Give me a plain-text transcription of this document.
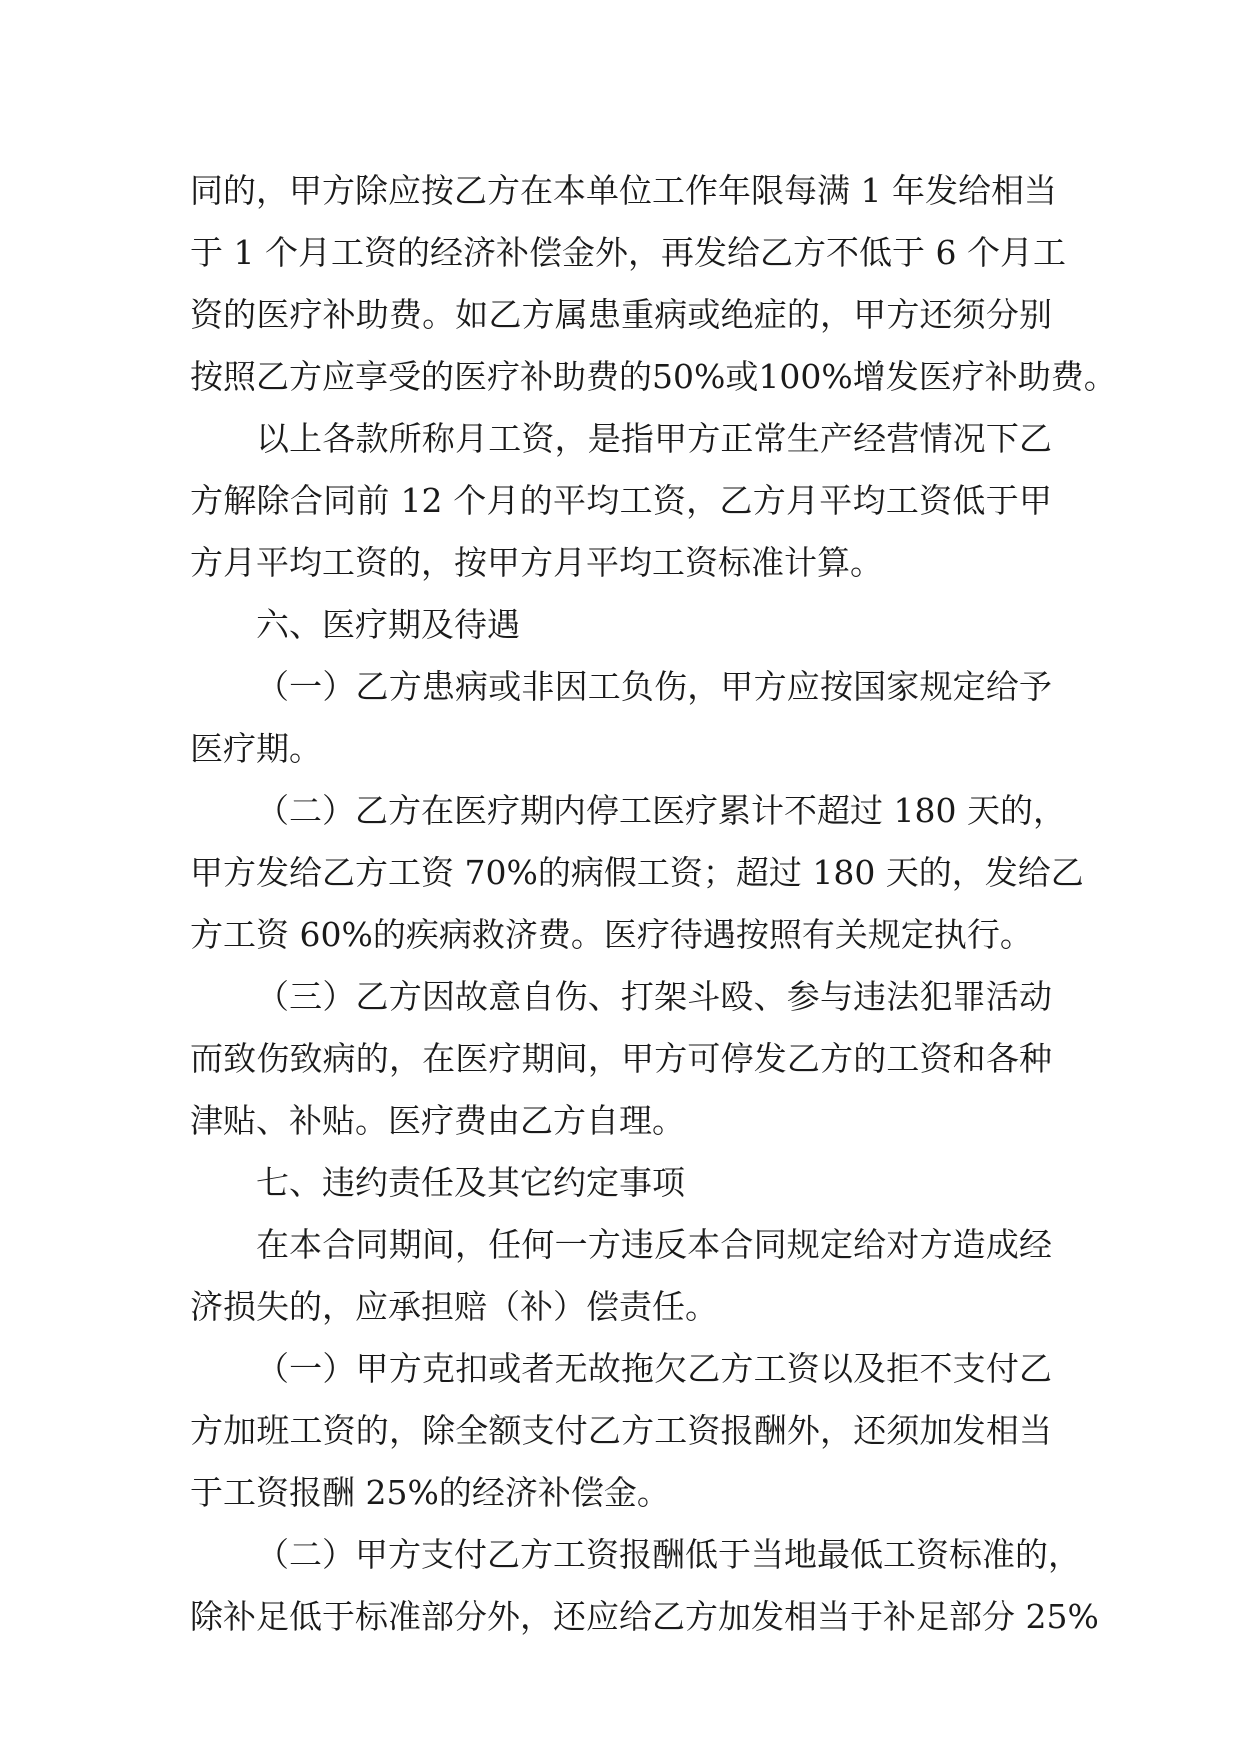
同的，甲方除应按乙方在本单位工作年限每满 1 年发给相当
于 1 个月工资的经济补偿金外，再发给乙方不低于 6 个月工
资的医疗补助费。如乙方属患重病或绝症的，甲方还须分别
按照乙方应享受的医疗补助费的50%或100%增发医疗补助费。
以上各款所称月工资，是指甲方正常生产经营情况下乙
方解除合同前 12 个月的平均工资，乙方月平均工资低于甲
方月平均工资的，按甲方月平均工资标准计算。
六、医疗期及待遇
（一）乙方患病或非因工负伤，甲方应按国家规定给予
医疗期。
（二）乙方在医疗期内停工医疗累计不超过 180 天的，
甲方发给乙方工资 70%的病假工资；超过 180 天的，发给乙
方工资 60%的疾病救济费。医疗待遇按照有关规定执行。
（三）乙方因故意自伤、打架斗殴、参与违法犯罪活动
而致伤致病的，在医疗期间，甲方可停发乙方的工资和各种
津贴、补贴。医疗费由乙方自理。
七、违约责任及其它约定事项
在本合同期间，任何一方违反本合同规定给对方造成经
济损失的，应承担赔（补）偿责任。
（一）甲方克扣或者无故拖欠乙方工资以及拒不支付乙
方加班工资的，除全额支付乙方工资报酬外，还须加发相当
于工资报酬 25%的经济补偿金。
（二）甲方支付乙方工资报酬低于当地最低工资标准的，
除补足低于标准部分外，还应给乙方加发相当于补足部分 25%
